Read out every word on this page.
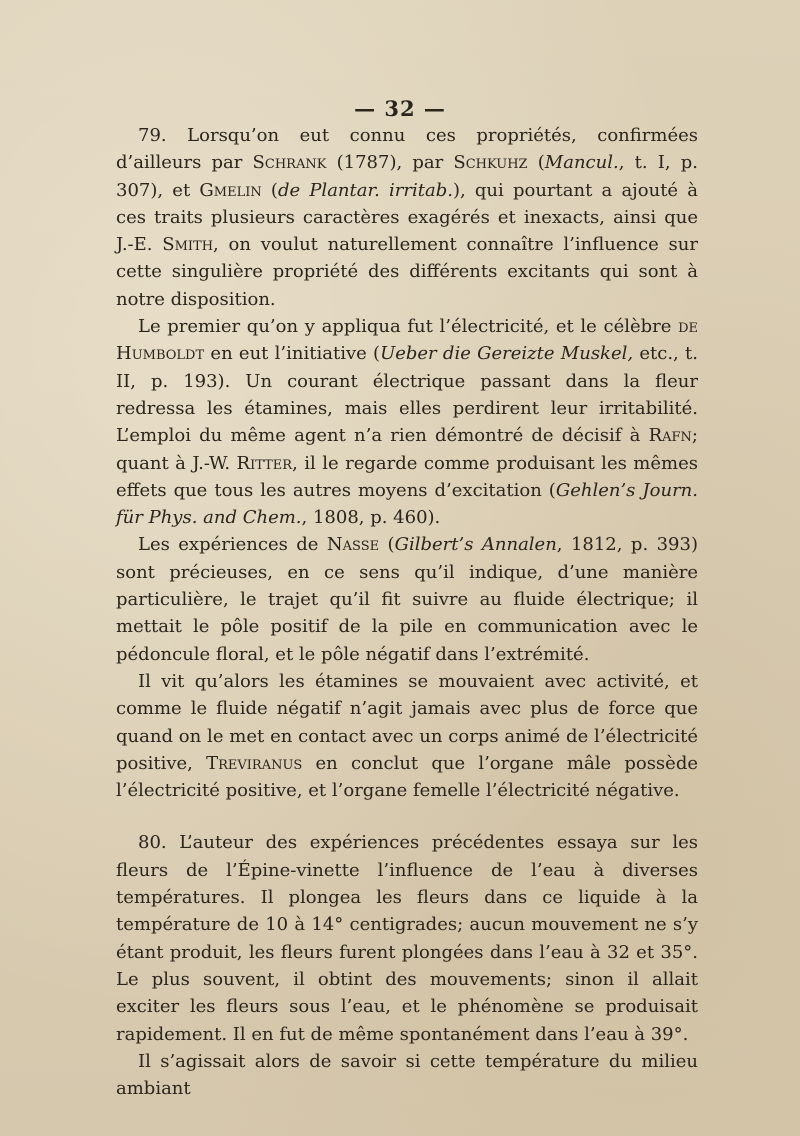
— 32 —

79. Lorsqu’on eut connu ces propriétés, confirmées d’ailleurs par Schrank (1787), par Schkuhz (Mancul., t. I, p. 307), et Gmelin (de Plantar. irritab.), qui pourtant a ajouté à ces traits plusieurs caractères exagérés et inexacts, ainsi que J.-E. Smith, on voulut naturellement connaître l’influence sur cette singulière propriété des différents excitants qui sont à notre disposition.

Le premier qu’on y appliqua fut l’électricité, et le célèbre de Humboldt en eut l’initiative (Ueber die Gereizte Muskel, etc., t. II, p. 193). Un courant électrique passant dans la fleur redressa les étamines, mais elles perdirent leur irritabilité. L’emploi du même agent n’a rien démontré de décisif à Rafn; quant à J.-W. Ritter, il le regarde comme produisant les mêmes effets que tous les autres moyens d’excitation (Gehlen’s Journ. für Phys. and Chem., 1808, p. 460).

Les expériences de Nasse (Gilbert’s Annalen, 1812, p. 393) sont précieuses, en ce sens qu’il indique, d’une manière particulière, le trajet qu’il fit suivre au fluide électrique; il mettait le pôle positif de la pile en communication avec le pédoncule floral, et le pôle négatif dans l’extrémité.

Il vit qu’alors les étamines se mouvaient avec activité, et comme le fluide négatif n’agit jamais avec plus de force que quand on le met en contact avec un corps animé de l’électricité positive, Treviranus en conclut que l’organe mâle possède l’électricité positive, et l’organe femelle l’électricité négative.

80. L’auteur des expériences précédentes essaya sur les fleurs de l’Épine-vinette l’influence de l’eau à diverses températures. Il plongea les fleurs dans ce liquide à la température de 10 à 14° centigrades; aucun mouvement ne s’y étant produit, les fleurs furent plongées dans l’eau à 32 et 35°. Le plus souvent, il obtint des mouvements; sinon il allait exciter les fleurs sous l’eau, et le phénomène se produisait rapidement. Il en fut de même spontanément dans l’eau à 39°.

Il s’agissait alors de savoir si cette température du milieu ambiant
